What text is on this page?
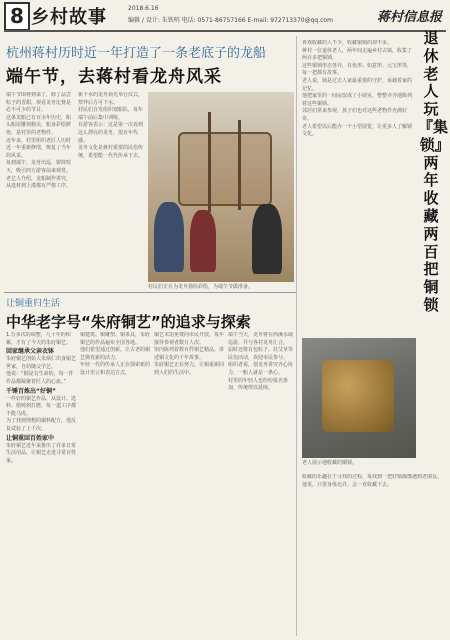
8 乡村故事	2018.6.16
编辑 / 设计: 朱铁明 电话: 0571-86757166 E-mail: 972713370@qq.com	蒋村信息报
杭州蒋村历时近一年打造了一条老底子的龙船
端午节，去蒋村看龙舟风采

端午节即将到来了，除了品尝粽子的香甜，观看龙舟比赛是必不可少的节目。

这条龙船已有百余年历史，船头船尾雕刻精美，船身彩绘鲜艳，是村里的老物件。

近年来，村里组织老匠人历时近一年重新修缮，恢复了当年的风采。

每到端午，龙舟出巡，锣鼓喧天，吸引四方游客前来观赏。

老艺人介绍，龙船制作讲究，从选材到上漆都有严格工序。

新下水的龙舟须先举行仪式，祭拜后方可下水。

村民们自发组织划船队，每年端午前后集中训练。

有游客表示：这是第一次看到这么漂亮的龙舟，很有年代感。

龙舟文化是蒋村重要的民俗传统，希望能一代代传承下去。

村民们正在为龙舟描绘彩绘，为端午节做准备。
让铜重归生活
中华老字号“朱府铜艺”的追求与探索

1.万多次的调整，几十年的积累，才有了今天的朱府铜艺。

回家继承父亲衣钵

朱府铜艺创始人朱炳仁出身铜艺世家，自幼随父学艺。

他说：“铜是有生命的，每一件作品都凝聚着匠人的心血。”

千锤百炼出“好铜”

一件好的铜艺作品，从设计、选料、熔铸到打磨，每一道工序都不能马虎。

为了找到理想的铜料配方，他反复试验了上千次。

让铜重回百姓家中

朱府铜艺近年来推出了许多日常生活用品，让铜艺走进寻常百姓家。

铜建筑、铜雕塑、铜茶具，朱府铜艺的作品遍布全国各地。

他们希望通过创新，让古老的铜艺焕发新的活力。

年轻一代的传承人正在探索新的设计语言和表达方式。

铜艺术馆免费向市民开放，每年接待参观者数万人次。

馆内陈列着数百件铜艺精品，讲述铜文化的千年故事。

朱府铜艺正在努力，让铜重新回到人们的生活中。

端午当天，龙舟将在西溪水域巡游，并与各村龙舟汇合。

届时还将有包粽子、挂艾草等民俗活动，欢迎市民参与。

组织者说，划龙舟讲究齐心协力，一船人就是一条心。

村里的年轻人也纷纷报名参加，传统得以延续。

退休老人玩『集锁』两年收藏两百把铜锁

喜欢收藏的人不少，收藏铜锁的却不多。

蒋村一位退休老人，两年间走遍乡村古镇，收集了两百多把铜锁。

这些铜锁形态各异，有鱼形、如意形、元宝形等，每一把都有故事。

老人说，锁是过去人家最重要的守护，承载着家的记忆。

他把家里的一间房改成了小展室，整整齐齐地陈列着这些铜锁。

邻居们常来参观，孩子们也对这些老物件充满好奇。

老人希望以后能办一个小型展览，让更多人了解锁文化。

老人展示他收藏的铜锁。

收藏的乐趣在于寻找的过程，每找到一把好锁都像遇到老朋友。

他说，只要身体允许，会一直收藏下去。
